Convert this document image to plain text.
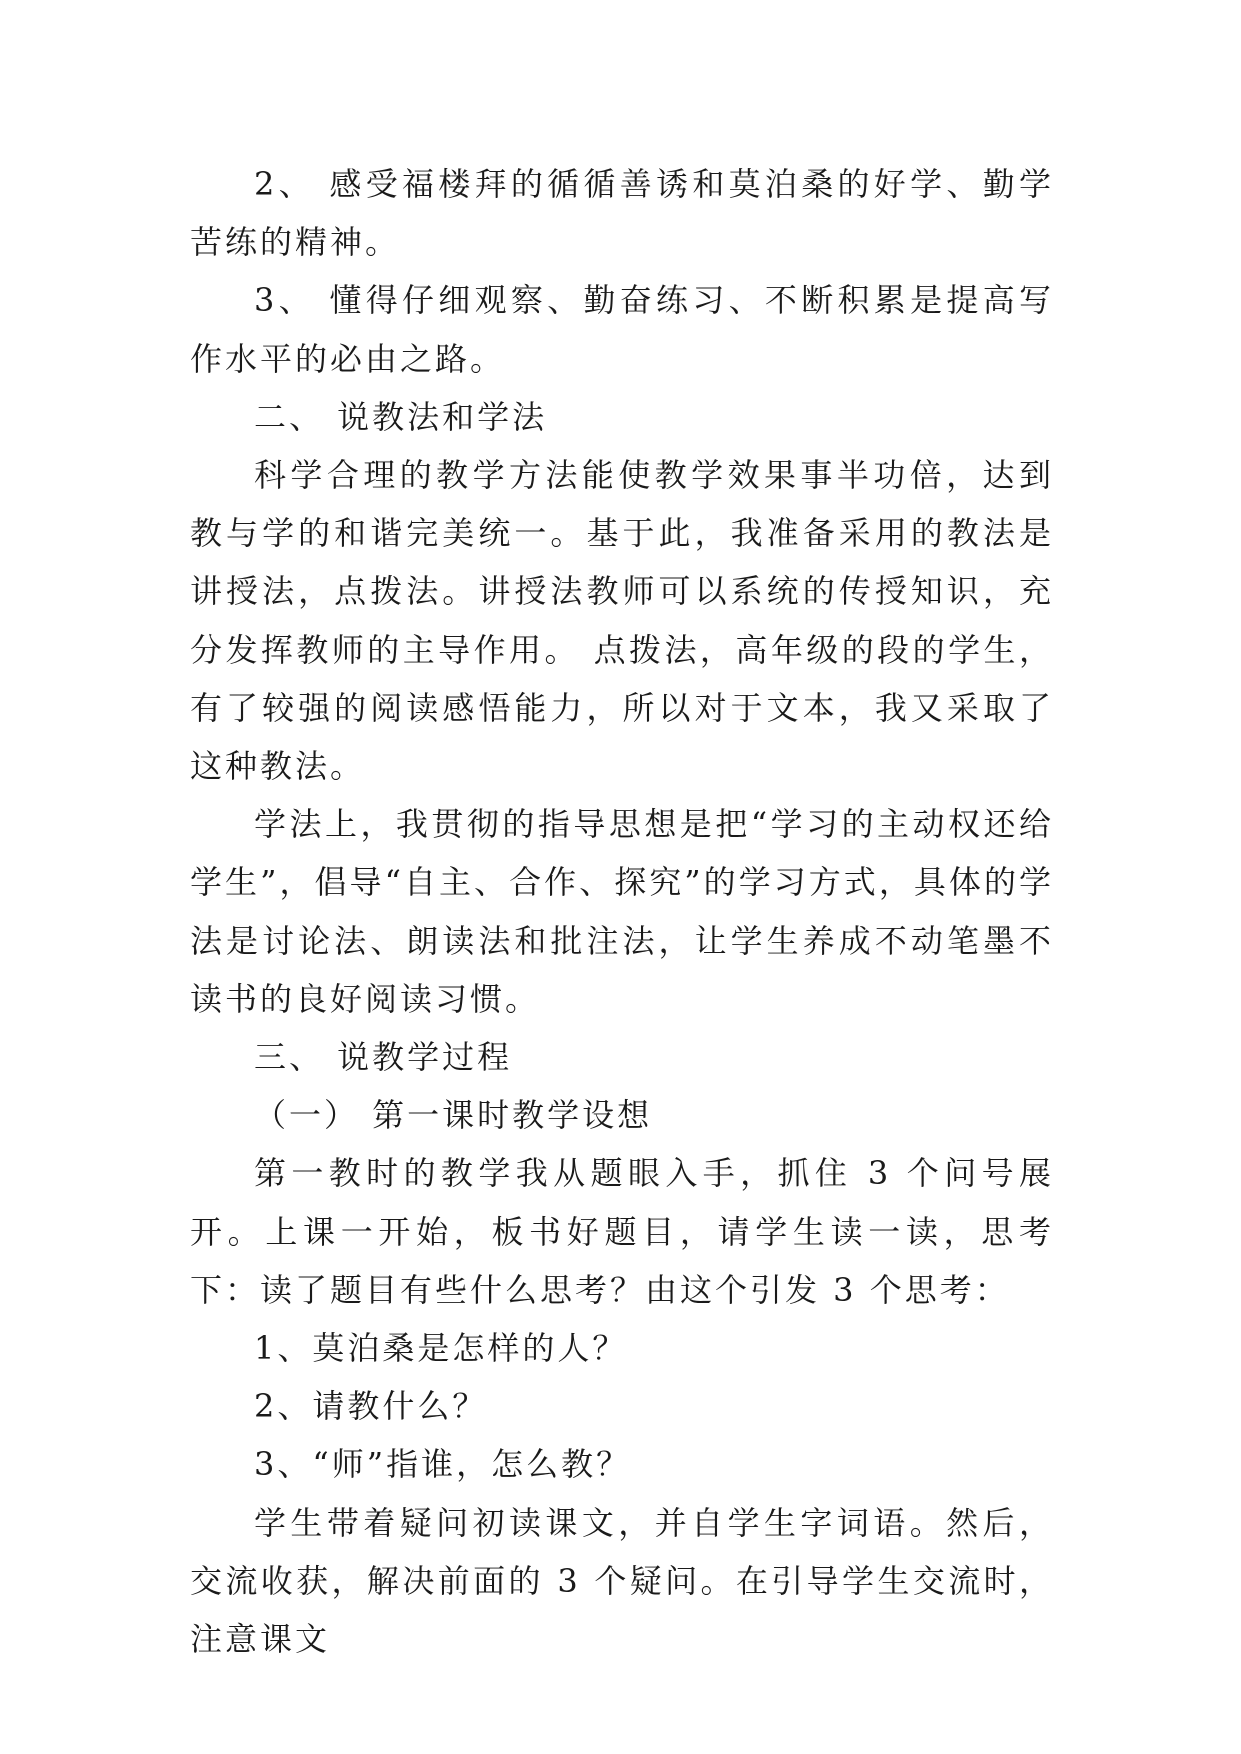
2、 感受福楼拜的循循善诱和莫泊桑的好学、勤学苦练的精神。

3、 懂得仔细观察、勤奋练习、不断积累是提高写作水平的必由之路。

二、 说教法和学法

科学合理的教学方法能使教学效果事半功倍，达到教与学的和谐完美统一。基于此，我准备采用的教法是讲授法，点拨法。讲授法教师可以系统的传授知识，充分发挥教师的主导作用。 点拨法，高年级的段的学生，有了较强的阅读感悟能力，所以对于文本，我又采取了这种教法。

学法上，我贯彻的指导思想是把“学习的主动权还给学生”，倡导“自主、合作、探究”的学习方式，具体的学法是讨论法、朗读法和批注法，让学生养成不动笔墨不读书的良好阅读习惯。

三、 说教学过程

（一） 第一课时教学设想

第一教时的教学我从题眼入手，抓住 3 个问号展开。上课一开始，板书好题目，请学生读一读，思考下：读了题目有些什么思考？由这个引发 3 个思考：

1、莫泊桑是怎样的人？

2、请教什么？

3、“师”指谁，怎么教？

学生带着疑问初读课文，并自学生字词语。然后，交流收获，解决前面的 3 个疑问。在引导学生交流时，注意课文
